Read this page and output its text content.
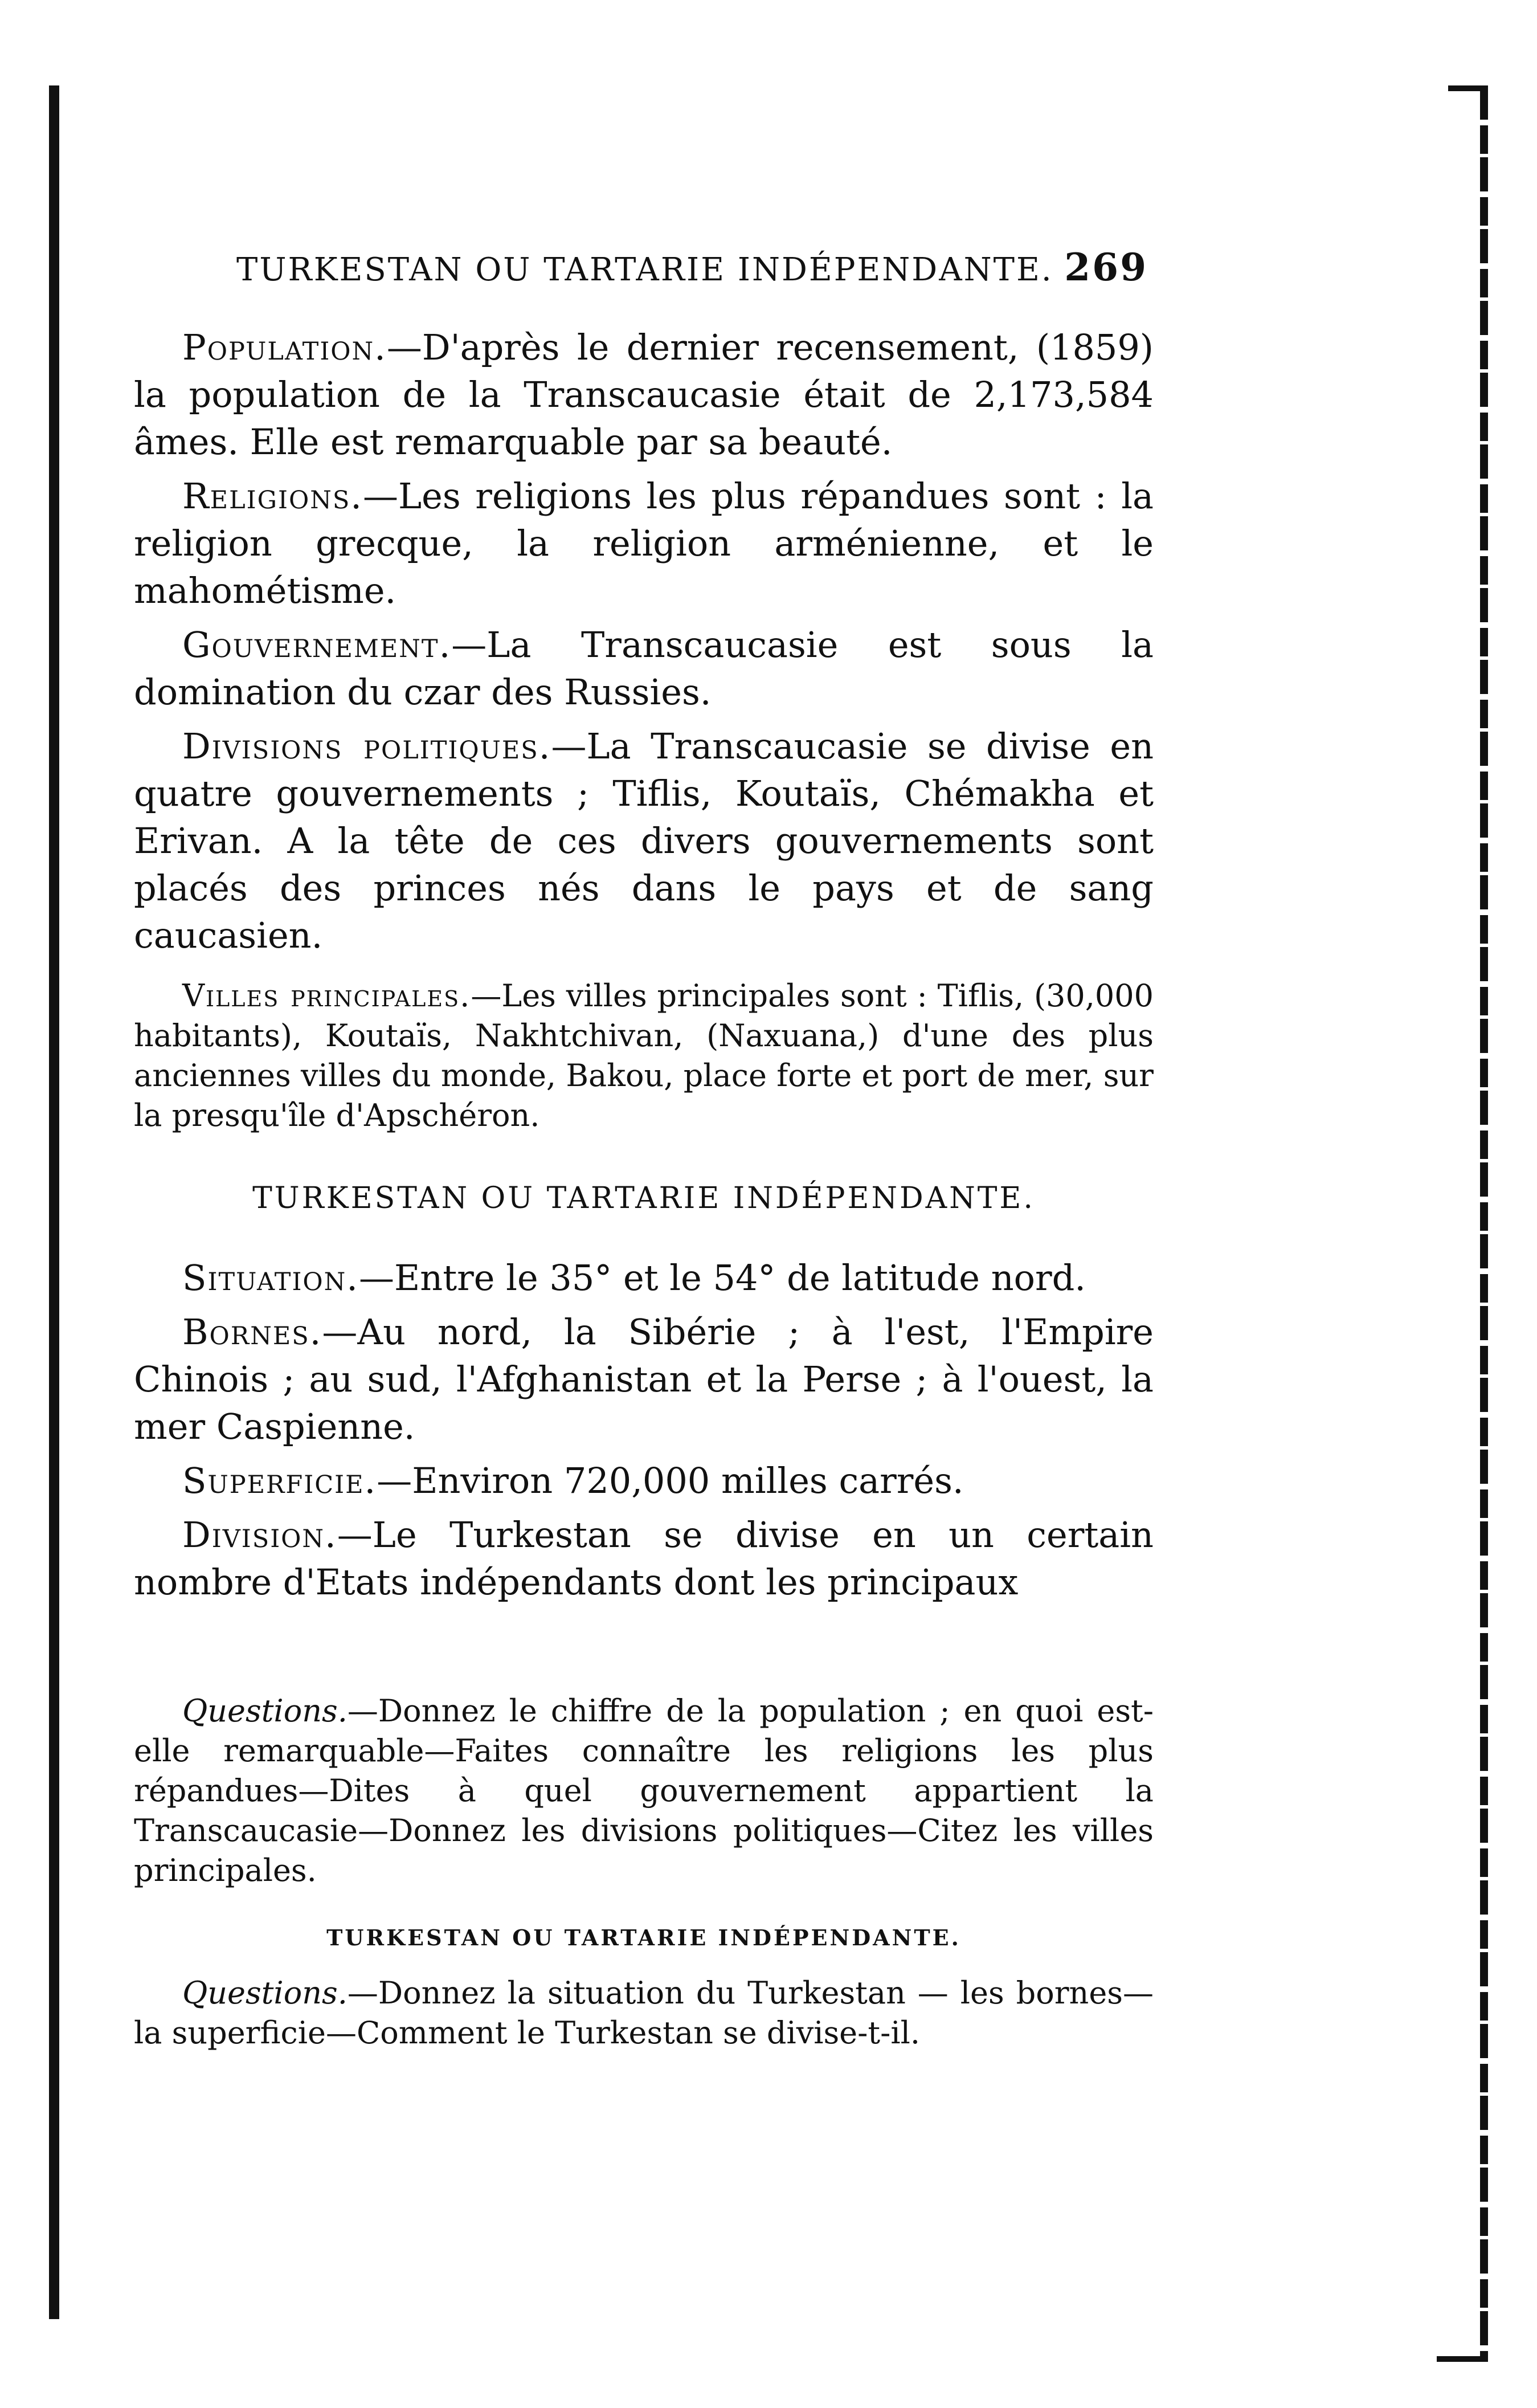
TURKESTAN OU TARTARIE INDÉPENDANTE. 269

Population.—D'après le dernier recensement, (1859) la population de la Transcaucasie était de 2,173,584 âmes. Elle est remarquable par sa beauté.

Religions.—Les religions les plus répandues sont : la religion grecque, la religion arménienne, et le mahométisme.

Gouvernement.—La Transcaucasie est sous la domination du czar des Russies.

Divisions politiques.—La Transcaucasie se divise en quatre gouvernements ; Tiflis, Koutaïs, Chémakha et Erivan. A la tête de ces divers gouvernements sont placés des princes nés dans le pays et de sang caucasien.

Villes principales.—Les villes principales sont : Tiflis, (30,000 habitants), Koutaïs, Nakhtchivan, (Naxuana,) d'une des plus anciennes villes du monde, Bakou, place forte et port de mer, sur la presqu'île d'Apschéron.

TURKESTAN OU TARTARIE INDÉPENDANTE.

Situation.—Entre le 35° et le 54° de latitude nord.

Bornes.—Au nord, la Sibérie ; à l'est, l'Empire Chinois ; au sud, l'Afghanistan et la Perse ; à l'ouest, la mer Caspienne.

Superficie.—Environ 720,000 milles carrés.

Division.—Le Turkestan se divise en un certain nombre d'Etats indépendants dont les principaux

Questions.—Donnez le chiffre de la population ; en quoi est-elle remarquable—Faites connaître les religions les plus répandues—Dites à quel gouvernement appartient la Transcaucasie—Donnez les divisions politiques—Citez les villes principales.

TURKESTAN OU TARTARIE INDÉPENDANTE.

Questions.—Donnez la situation du Turkestan — les bornes—la superficie—Comment le Turkestan se divise-t-il.
